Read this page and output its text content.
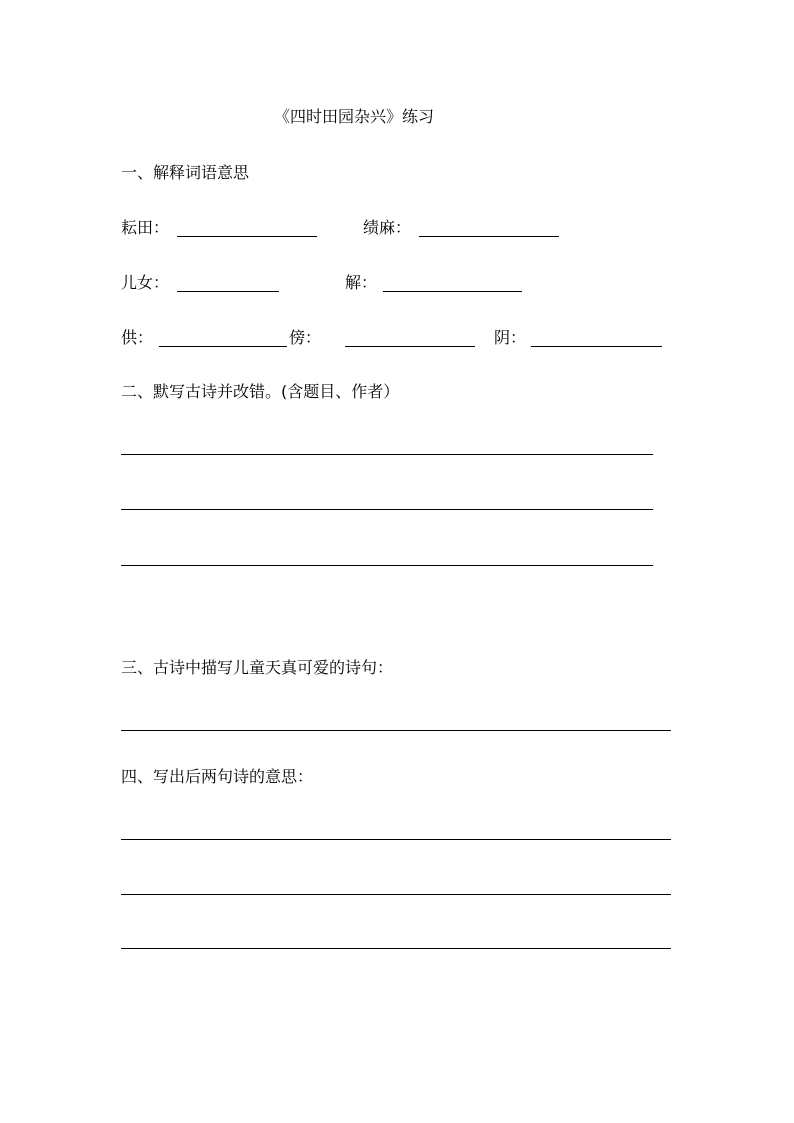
《四时田园杂兴》练习
一、解释词语意思
耘田：	绩麻：
儿女：	解：
供：	傍：	阴：
二、默写古诗并改错。(含题目、作者）
三、古诗中描写儿童天真可爱的诗句：
四、写出后两句诗的意思：
